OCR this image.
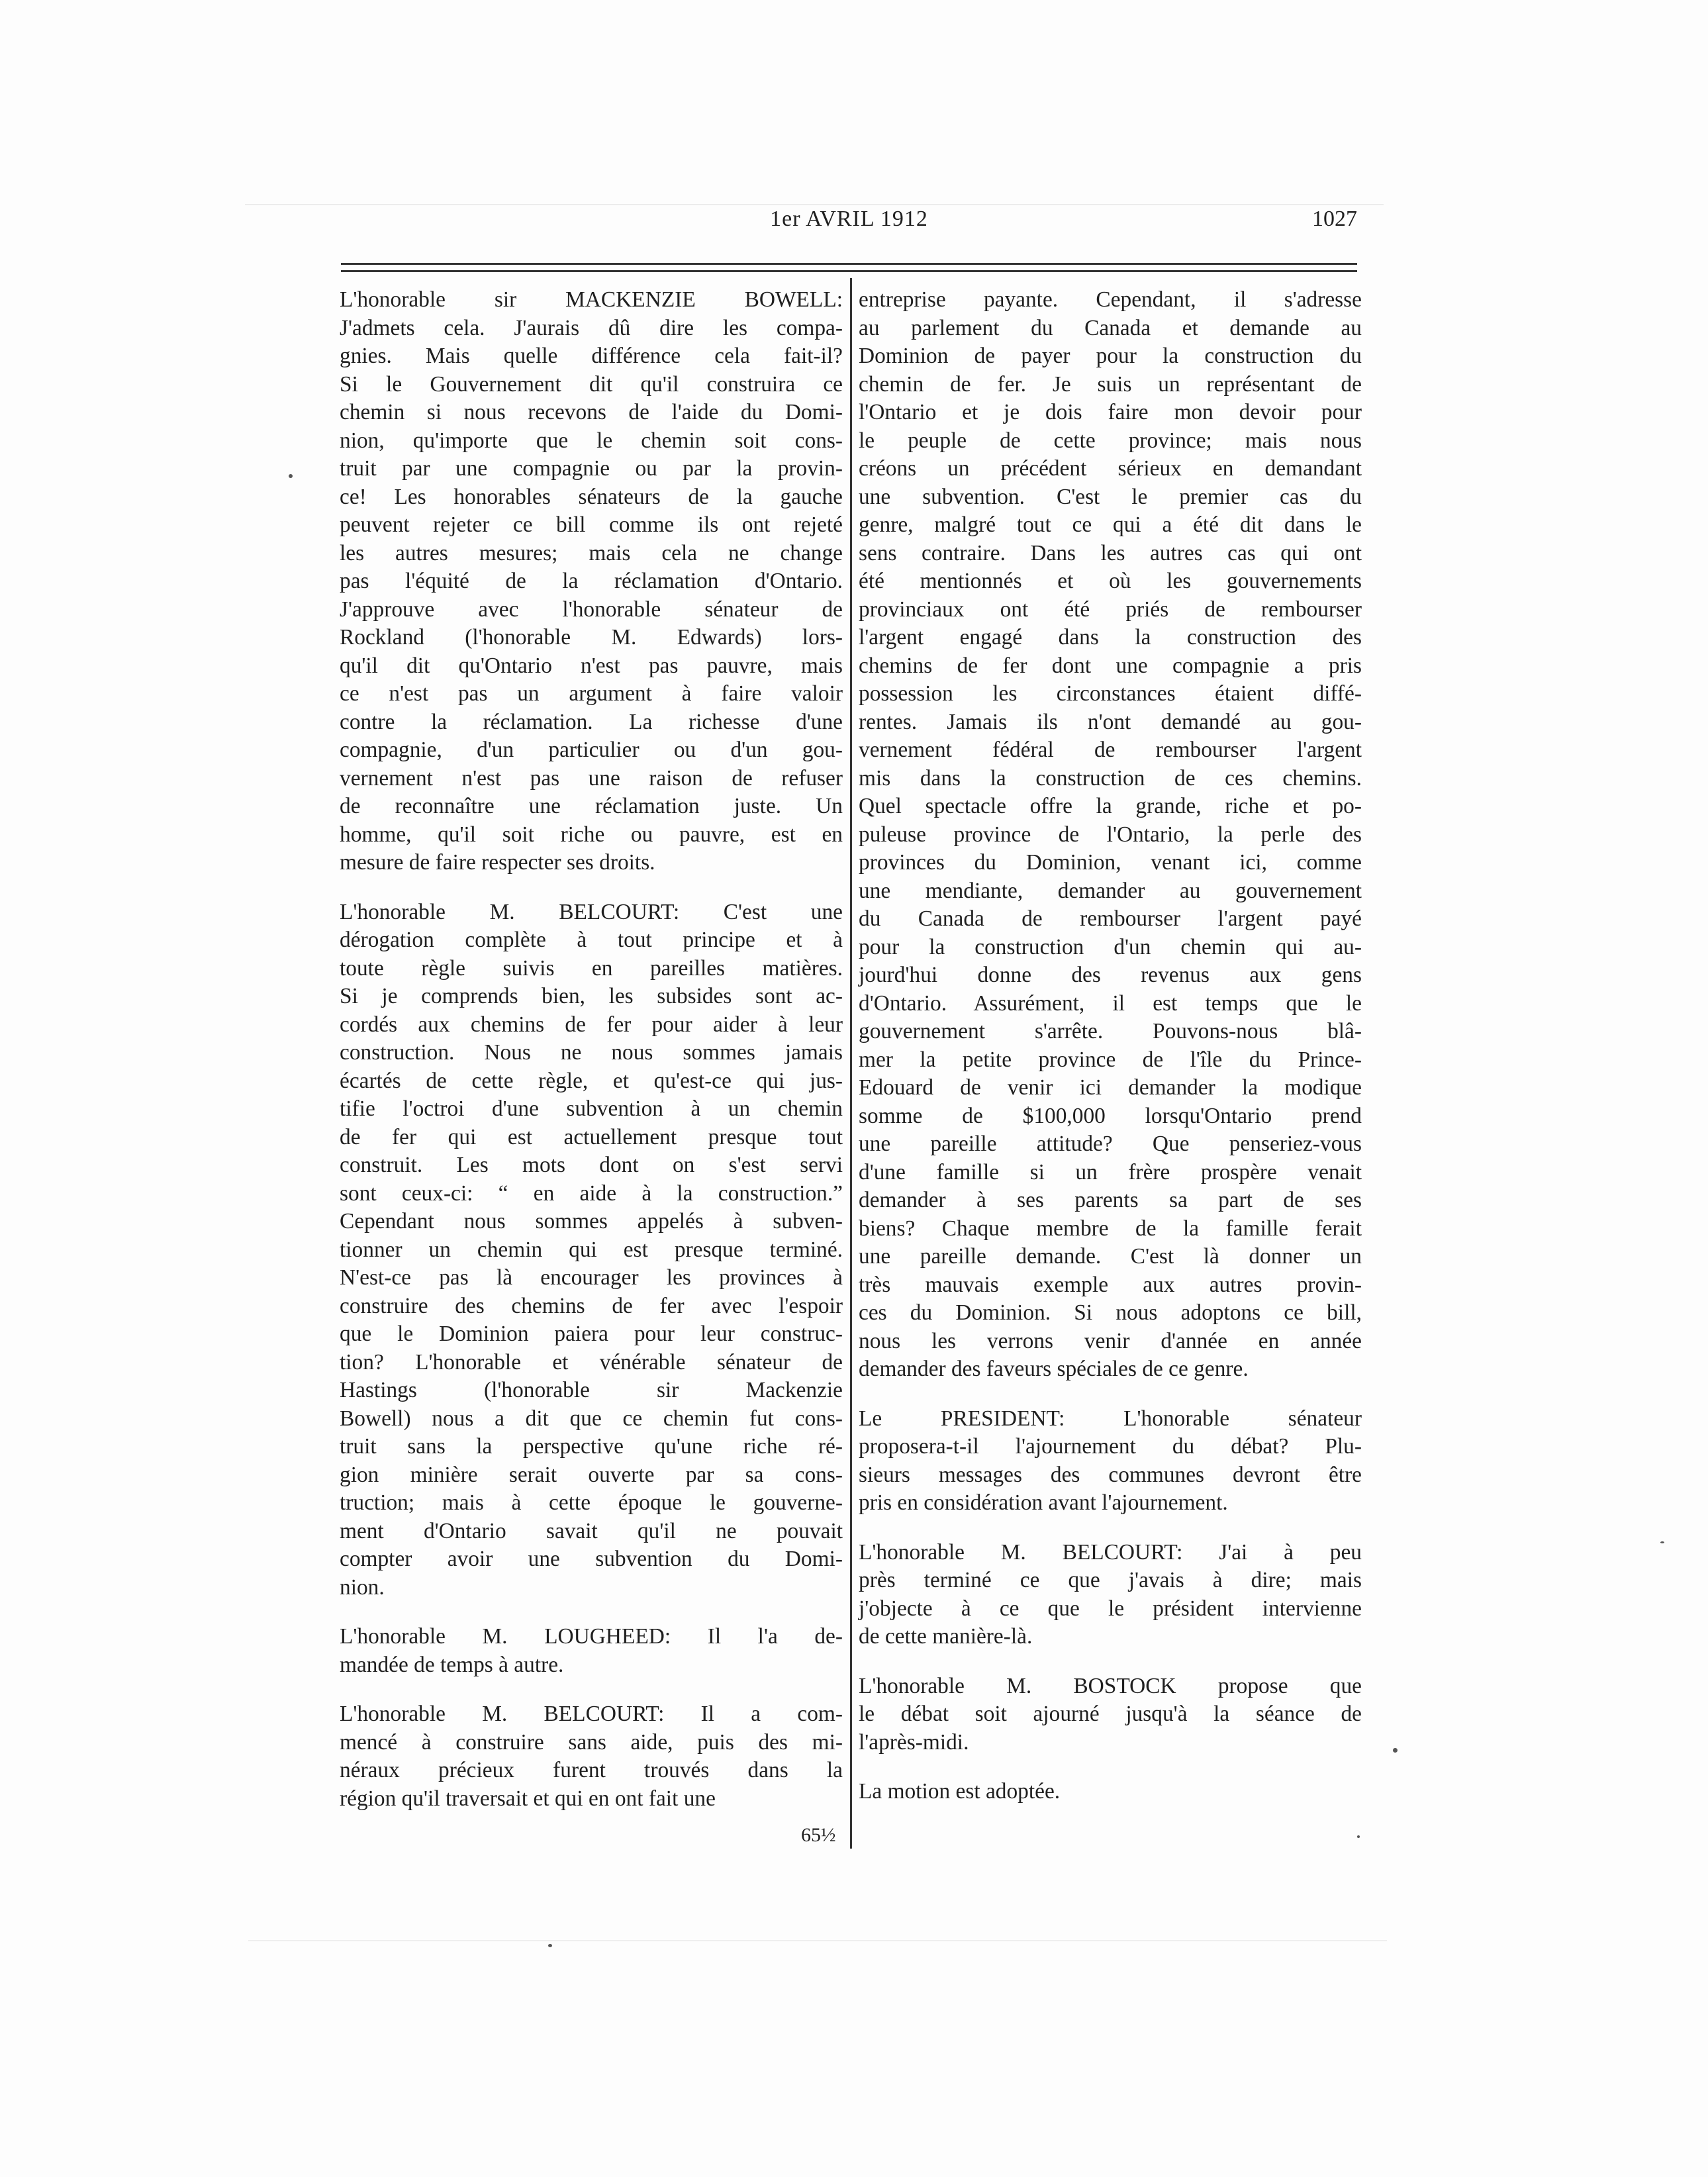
1er AVRIL 1912	1027
L'honorable sir MACKENZIE BOWELL:
J'admets cela. J'aurais dû dire les compa-
gnies. Mais quelle différence cela fait-il?
Si le Gouvernement dit qu'il construira ce
chemin si nous recevons de l'aide du Domi-
nion, qu'importe que le chemin soit cons-
truit par une compagnie ou par la provin-
ce! Les honorables sénateurs de la gauche
peuvent rejeter ce bill comme ils ont rejeté
les autres mesures; mais cela ne change
pas l'équité de la réclamation d'Ontario.
J'approuve avec l'honorable sénateur de
Rockland (l'honorable M. Edwards) lors-
qu'il dit qu'Ontario n'est pas pauvre, mais
ce n'est pas un argument à faire valoir
contre la réclamation. La richesse d'une
compagnie, d'un particulier ou d'un gou-
vernement n'est pas une raison de refuser
de reconnaître une réclamation juste. Un
homme, qu'il soit riche ou pauvre, est en
mesure de faire respecter ses droits.
L'honorable M. BELCOURT: C'est une
dérogation complète à tout principe et à
toute règle suivis en pareilles matières.
Si je comprends bien, les subsides sont ac-
cordés aux chemins de fer pour aider à leur
construction. Nous ne nous sommes jamais
écartés de cette règle, et qu'est-ce qui jus-
tifie l'octroi d'une subvention à un chemin
de fer qui est actuellement presque tout
construit. Les mots dont on s'est servi
sont ceux-ci: “ en aide à la construction.”
Cependant nous sommes appelés à subven-
tionner un chemin qui est presque terminé.
N'est-ce pas là encourager les provinces à
construire des chemins de fer avec l'espoir
que le Dominion paiera pour leur construc-
tion? L'honorable et vénérable sénateur de
Hastings (l'honorable sir Mackenzie
Bowell) nous a dit que ce chemin fut cons-
truit sans la perspective qu'une riche ré-
gion minière serait ouverte par sa cons-
truction; mais à cette époque le gouverne-
ment d'Ontario savait qu'il ne pouvait
compter avoir une subvention du Domi-
nion.
L'honorable M. LOUGHEED: Il l'a de-
mandée de temps à autre.
L'honorable M. BELCOURT: Il a com-
mencé à construire sans aide, puis des mi-
néraux précieux furent trouvés dans la
région qu'il traversait et qui en ont fait une
entreprise payante. Cependant, il s'adresse
au parlement du Canada et demande au
Dominion de payer pour la construction du
chemin de fer. Je suis un représentant de
l'Ontario et je dois faire mon devoir pour
le peuple de cette province; mais nous
créons un précédent sérieux en demandant
une subvention. C'est le premier cas du
genre, malgré tout ce qui a été dit dans le
sens contraire. Dans les autres cas qui ont
été mentionnés et où les gouvernements
provinciaux ont été priés de rembourser
l'argent engagé dans la construction des
chemins de fer dont une compagnie a pris
possession les circonstances étaient diffé-
rentes. Jamais ils n'ont demandé au gou-
vernement fédéral de rembourser l'argent
mis dans la construction de ces chemins.
Quel spectacle offre la grande, riche et po-
puleuse province de l'Ontario, la perle des
provinces du Dominion, venant ici, comme
une mendiante, demander au gouvernement
du Canada de rembourser l'argent payé
pour la construction d'un chemin qui au-
jourd'hui donne des revenus aux gens
d'Ontario. Assurément, il est temps que le
gouvernement s'arrête. Pouvons-nous blâ-
mer la petite province de l'île du Prince-
Edouard de venir ici demander la modique
somme de $100,000 lorsqu'Ontario prend
une pareille attitude? Que penseriez-vous
d'une famille si un frère prospère venait
demander à ses parents sa part de ses
biens? Chaque membre de la famille ferait
une pareille demande. C'est là donner un
très mauvais exemple aux autres provin-
ces du Dominion. Si nous adoptons ce bill,
nous les verrons venir d'année en année
demander des faveurs spéciales de ce genre.
Le PRESIDENT: L'honorable sénateur
proposera-t-il l'ajournement du débat? Plu-
sieurs messages des communes devront être
pris en considération avant l'ajournement.
L'honorable M. BELCOURT: J'ai à peu
près terminé ce que j'avais à dire; mais
j'objecte à ce que le président intervienne
de cette manière-là.
L'honorable M. BOSTOCK propose que
le débat soit ajourné jusqu'à la séance de
l'après-midi.
La motion est adoptée.
65½
